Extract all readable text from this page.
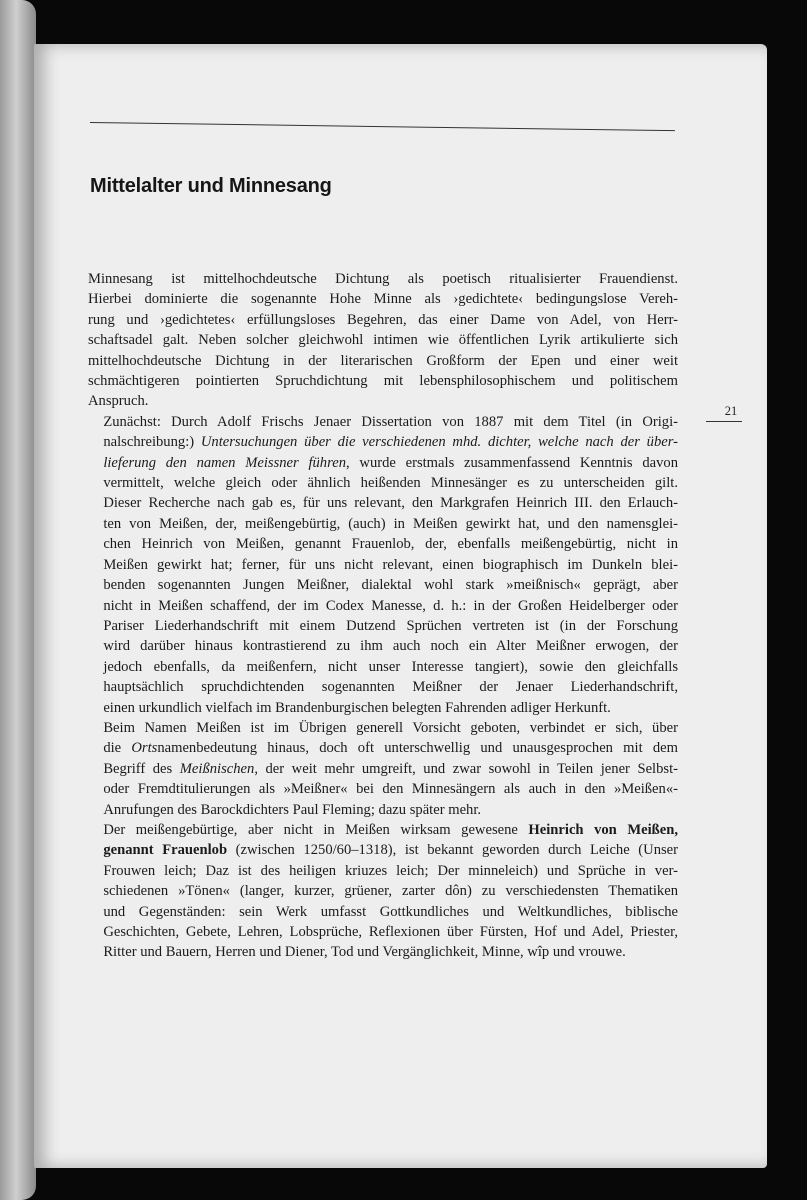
Mittelalter und Minnesang

Minnesang ist mittelhochdeutsche Dichtung als poetisch ritualisierter Frauendienst.
Hierbei dominierte die sogenannte Hohe Minne als ›gedichtete‹ bedingungslose Vereh-
rung und ›gedichtetes‹ erfüllungsloses Begehren, das einer Dame von Adel, von Herr-
schaftsadel galt. Neben solcher gleichwohl intimen wie öffentlichen Lyrik artikulierte sich
mittelhochdeutsche Dichtung in der literarischen Großform der Epen und einer weit
schmächtigeren pointierten Spruchdichtung mit lebensphilosophischem und politischem
Anspruch.

Zunächst: Durch Adolf Frischs Jenaer Dissertation von 1887 mit dem Titel (in Origi-
nalschreibung:) Untersuchungen über die verschiedenen mhd. dichter, welche nach der über-
lieferung den namen Meissner führen, wurde erstmals zusammenfassend Kenntnis davon
vermittelt, welche gleich oder ähnlich heißenden Minnesänger es zu unterscheiden gilt.
Dieser Recherche nach gab es, für uns relevant, den Markgrafen Heinrich III. den Erlauch-
ten von Meißen, der, meißengebürtig, (auch) in Meißen gewirkt hat, und den namensglei-
chen Heinrich von Meißen, genannt Frauenlob, der, ebenfalls meißengebürtig, nicht in
Meißen gewirkt hat; ferner, für uns nicht relevant, einen biographisch im Dunkeln blei-
benden sogenannten Jungen Meißner, dialektal wohl stark »meißnisch« geprägt, aber
nicht in Meißen schaffend, der im Codex Manesse, d. h.: in der Großen Heidelberger oder
Pariser Liederhandschrift mit einem Dutzend Sprüchen vertreten ist (in der Forschung
wird darüber hinaus kontrastierend zu ihm auch noch ein Alter Meißner erwogen, der
jedoch ebenfalls, da meißenfern, nicht unser Interesse tangiert), sowie den gleichfalls
hauptsächlich spruchdichtenden sogenannten Meißner der Jenaer Liederhandschrift,
einen urkundlich vielfach im Brandenburgischen belegten Fahrenden adliger Herkunft.

Beim Namen Meißen ist im Übrigen generell Vorsicht geboten, verbindet er sich, über
die Ortsnamenbedeutung hinaus, doch oft unterschwellig und unausgesprochen mit dem
Begriff des Meißnischen, der weit mehr umgreift, und zwar sowohl in Teilen jener Selbst-
oder Fremdtitulierungen als »Meißner« bei den Minnesängern als auch in den »Meißen«-
Anrufungen des Barockdichters Paul Fleming; dazu später mehr.

Der meißengebürtige, aber nicht in Meißen wirksam gewesene Heinrich von Meißen,
genannt Frauenlob (zwischen 1250/60–1318), ist bekannt geworden durch Leiche (Unser
Frouwen leich; Daz ist des heiligen kriuzes leich; Der minneleich) und Sprüche in ver-
schiedenen »Tönen« (langer, kurzer, grüener, zarter dôn) zu verschiedensten Thematiken
und Gegenständen: sein Werk umfasst Gottkundliches und Weltkundliches, biblische
Geschichten, Gebete, Lehren, Lobsprüche, Reflexionen über Fürsten, Hof und Adel, Priester,
Ritter und Bauern, Herren und Diener, Tod und Vergänglichkeit, Minne, wîp und vrouwe.

21
